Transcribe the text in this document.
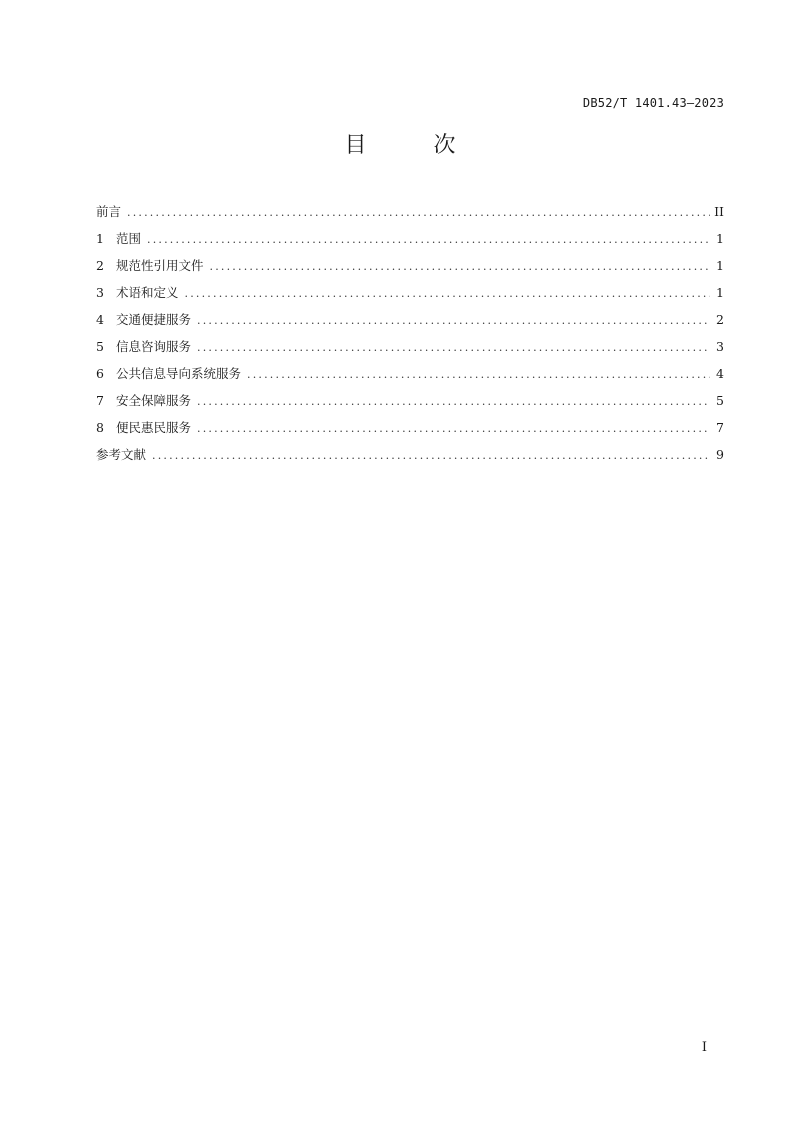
DB52/T 1401.43—2023
目 次
前言 .....	II
1 范围 .....	1
2 规范性引用文件 .....	1
3 术语和定义 .....	1
4 交通便捷服务 .....	2
5 信息咨询服务 .....	3
6 公共信息导向系统服务 .....	4
7 安全保障服务 .....	5
8 便民惠民服务 .....	7
参考文献 .....	9
I
